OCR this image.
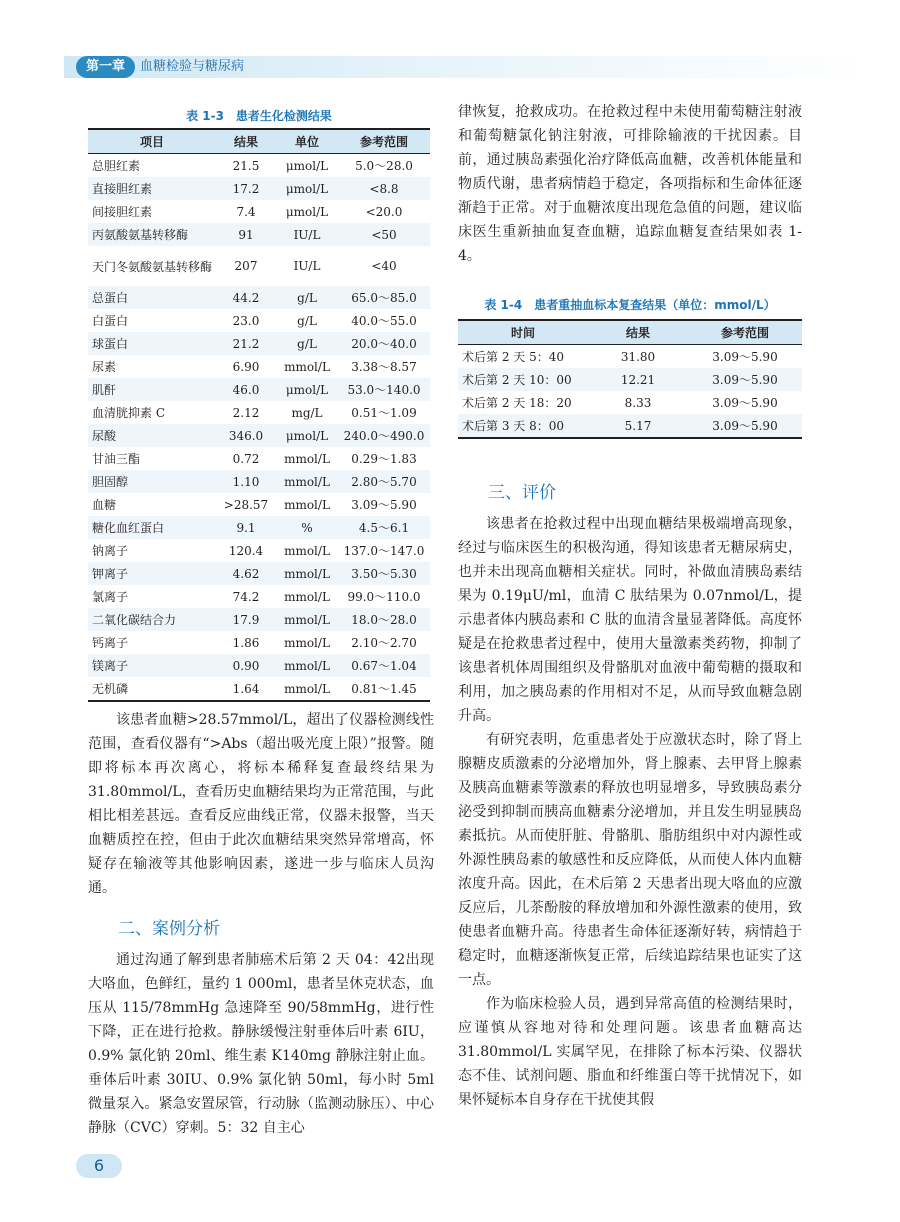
第一章	血糖检验与糖尿病
表 1-3　患者生化检测结果
项目	结果	单位	参考范围
总胆红素	21.5	μmol/L	5.0～28.0
直接胆红素	17.2	μmol/L	<8.8
间接胆红素	7.4	μmol/L	<20.0
丙氨酸氨基转移酶	91	IU/L	<50
天门冬氨酸氨基转移酶	207	IU/L	<40
总蛋白	44.2	g/L	65.0～85.0
白蛋白	23.0	g/L	40.0～55.0
球蛋白	21.2	g/L	20.0～40.0
尿素	6.90	mmol/L	3.38～8.57
肌酐	46.0	μmol/L	53.0～140.0
血清胱抑素 C	2.12	mg/L	0.51～1.09
尿酸	346.0	μmol/L	240.0～490.0
甘油三酯	0.72	mmol/L	0.29～1.83
胆固醇	1.10	mmol/L	2.80～5.70
血糖	>28.57	mmol/L	3.09～5.90
糖化血红蛋白	9.1	%	4.5～6.1
钠离子	120.4	mmol/L	137.0～147.0
钾离子	4.62	mmol/L	3.50～5.30
氯离子	74.2	mmol/L	99.0～110.0
二氧化碳结合力	17.9	mmol/L	18.0～28.0
钙离子	1.86	mmol/L	2.10～2.70
镁离子	0.90	mmol/L	0.67～1.04
无机磷	1.64	mmol/L	0.81～1.45

该患者血糖>28.57mmol/L，超出了仪器检测线性范围，查看仪器有“>Abs（超出吸光度上限）”报警。随即将标本再次离心，将标本稀释复查最终结果为 31.80mmol/L，查看历史血糖结果均为正常范围，与此相比相差甚远。查看反应曲线正常，仪器未报警，当天血糖质控在控，但由于此次血糖结果突然异常增高，怀疑存在输液等其他影响因素，遂进一步与临床人员沟通。

二、案例分析

通过沟通了解到患者肺癌术后第 2 天 04：42出现大咯血，色鲜红，量约 1 000ml，患者呈休克状态，血压从 115/78mmHg 急速降至 90/58mmHg，进行性下降，正在进行抢救。静脉缓慢注射垂体后叶素 6IU，0.9% 氯化钠 20ml、维生素 K140mg 静脉注射止血。垂体后叶素 30IU、0.9% 氯化钠 50ml，每小时 5ml 微量泵入。紧急安置尿管，行动脉（监测动脉压）、中心静脉（CVC）穿刺。5：32 自主心

律恢复，抢救成功。在抢救过程中未使用葡萄糖注射液和葡萄糖氯化钠注射液，可排除输液的干扰因素。目前，通过胰岛素强化治疗降低高血糖，改善机体能量和物质代谢，患者病情趋于稳定，各项指标和生命体征逐渐趋于正常。对于血糖浓度出现危急值的问题，建议临床医生重新抽血复查血糖，追踪血糖复查结果如表 1-4。

表 1-4　患者重抽血标本复查结果（单位：mmol/L）
时间	结果	参考范围
术后第 2 天 5：40	31.80	3.09～5.90
术后第 2 天 10：00	12.21	3.09～5.90
术后第 2 天 18：20	8.33	3.09～5.90
术后第 3 天 8：00	5.17	3.09～5.90
三、评价

该患者在抢救过程中出现血糖结果极端增高现象，经过与临床医生的积极沟通，得知该患者无糖尿病史，也并未出现高血糖相关症状。同时，补做血清胰岛素结果为 0.19μU/ml，血清 C 肽结果为 0.07nmol/L，提示患者体内胰岛素和 C 肽的血清含量显著降低。高度怀疑是在抢救患者过程中，使用大量激素类药物，抑制了该患者机体周围组织及骨骼肌对血液中葡萄糖的摄取和利用，加之胰岛素的作用相对不足，从而导致血糖急剧升高。

有研究表明，危重患者处于应激状态时，除了肾上腺糖皮质激素的分泌增加外，肾上腺素、去甲肾上腺素及胰高血糖素等激素的释放也明显增多，导致胰岛素分泌受到抑制而胰高血糖素分泌增加，并且发生明显胰岛素抵抗。从而使肝脏、骨骼肌、脂肪组织中对内源性或外源性胰岛素的敏感性和反应降低，从而使人体内血糖浓度升高。因此，在术后第 2 天患者出现大咯血的应激反应后，儿茶酚胺的释放增加和外源性激素的使用，致使患者血糖升高。待患者生命体征逐渐好转，病情趋于稳定时，血糖逐渐恢复正常，后续追踪结果也证实了这一点。

作为临床检验人员，遇到异常高值的检测结果时，应谨慎从容地对待和处理问题。该患者血糖高达 31.80mmol/L 实属罕见，在排除了标本污染、仪器状态不佳、试剂问题、脂血和纤维蛋白等干扰情况下，如果怀疑标本自身存在干扰使其假

6
